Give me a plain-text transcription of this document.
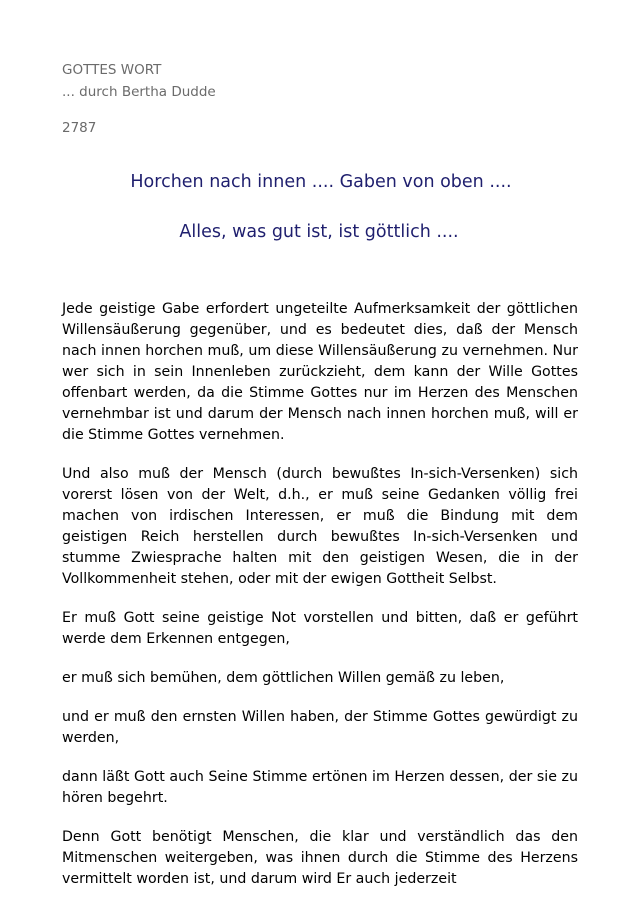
GOTTES WORT
... durch Bertha Dudde
2787
Horchen nach innen .... Gaben von oben ....
Alles, was gut ist, ist göttlich ....

Jede geistige Gabe erfordert ungeteilte Aufmerksamkeit der göttlichen Willensäußerung gegenüber, und es bedeutet dies, daß der Mensch nach innen horchen muß, um diese Willensäußerung zu vernehmen. Nur wer sich in sein Innenleben zurückzieht, dem kann der Wille Gottes offenbart werden, da die Stimme Gottes nur im Herzen des Menschen vernehmbar ist und darum der Mensch nach innen horchen muß, will er die Stimme Gottes vernehmen.

Und also muß der Mensch (durch bewußtes In-sich-Versenken) sich vorerst lösen von der Welt, d.h., er muß seine Gedanken völlig frei machen von irdischen Interessen, er muß die Bindung mit dem geistigen Reich herstellen durch bewußtes In-sich-Versenken und stumme Zwiesprache halten mit den geistigen Wesen, die in der Vollkommenheit stehen, oder mit der ewigen Gottheit Selbst.

Er muß Gott seine geistige Not vorstellen und bitten, daß er geführt werde dem Erkennen entgegen,

er muß sich bemühen, dem göttlichen Willen gemäß zu leben,

und er muß den ernsten Willen haben, der Stimme Gottes gewürdigt zu werden,

dann läßt Gott auch Seine Stimme ertönen im Herzen dessen, der sie zu hören begehrt.

Denn Gott benötigt Menschen, die klar und verständlich das den Mitmenschen weitergeben, was ihnen durch die Stimme des Herzens vermittelt worden ist, und darum wird Er auch jederzeit
